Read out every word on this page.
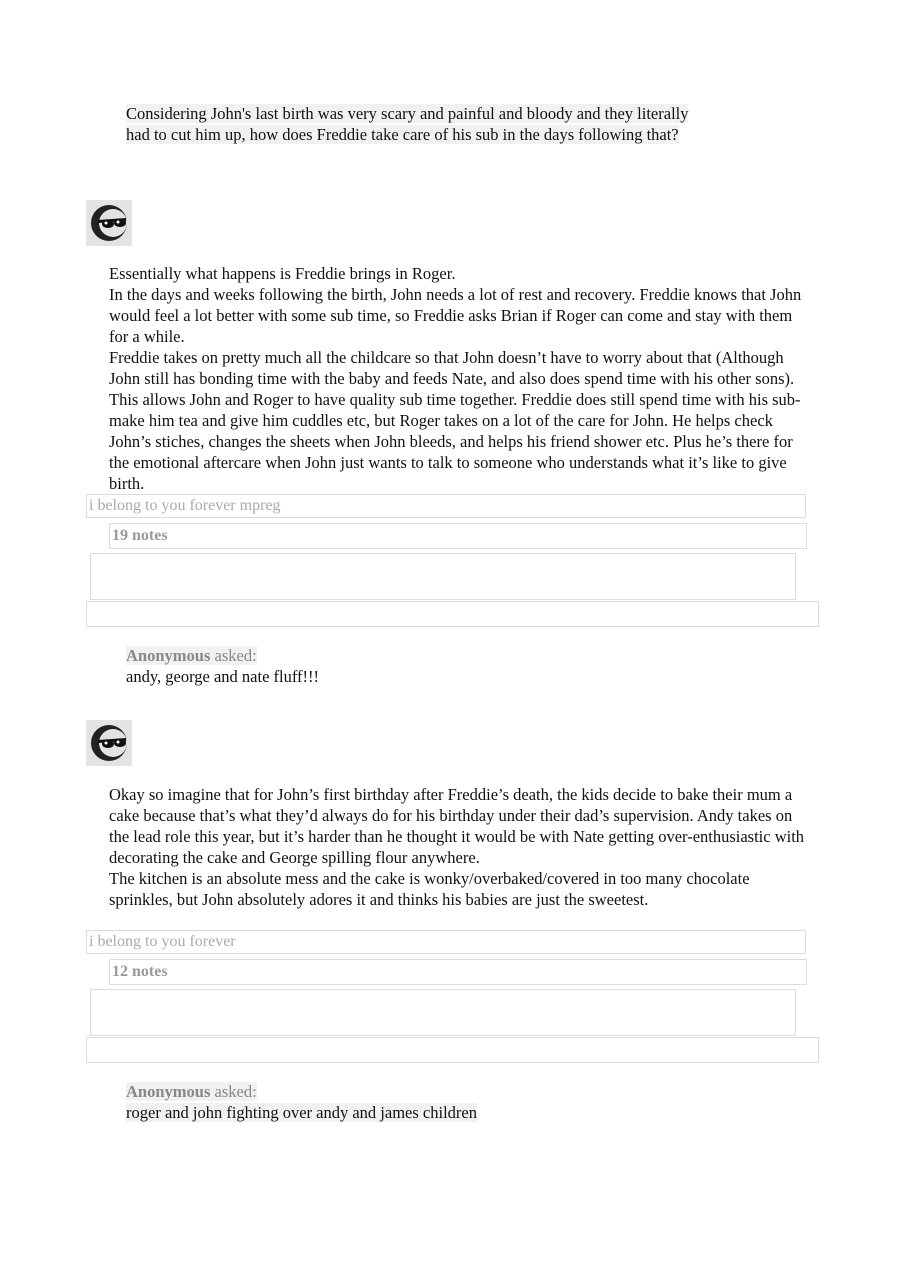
Considering John's last birth was very scary and painful and bloody and they literally had to cut him up, how does Freddie take care of his sub in the days following that?

Essentially what happens is Freddie brings in Roger.

In the days and weeks following the birth, John needs a lot of rest and recovery. Freddie knows that John would feel a lot better with some sub time, so Freddie asks Brian if Roger can come and stay with them for a while.

Freddie takes on pretty much all the childcare so that John doesn’t have to worry about that (Although John still has bonding time with the baby and feeds Nate, and also does spend time with his other sons). This allows John and Roger to have quality sub time together. Freddie does still spend time with his sub- make him tea and give him cuddles etc, but Roger takes on a lot of the care for John. He helps check John’s stiches, changes the sheets when John bleeds, and helps his friend shower etc. Plus he’s there for the emotional aftercare when John just wants to talk to someone who understands what it’s like to give birth.

i belong to you forever mpreg
19 notes
Anonymous asked:
andy, george and nate fluff!!!

Okay so imagine that for John’s first birthday after Freddie’s death, the kids decide to bake their mum a cake because that’s what they’d always do for his birthday under their dad’s supervision. Andy takes on the lead role this year, but it’s harder than he thought it would be with Nate getting over-enthusiastic with decorating the cake and George spilling flour anywhere.

The kitchen is an absolute mess and the cake is wonky/overbaked/covered in too many chocolate sprinkles, but John absolutely adores it and thinks his babies are just the sweetest.

i belong to you forever
12 notes
Anonymous asked:
roger and john fighting over andy and james children
